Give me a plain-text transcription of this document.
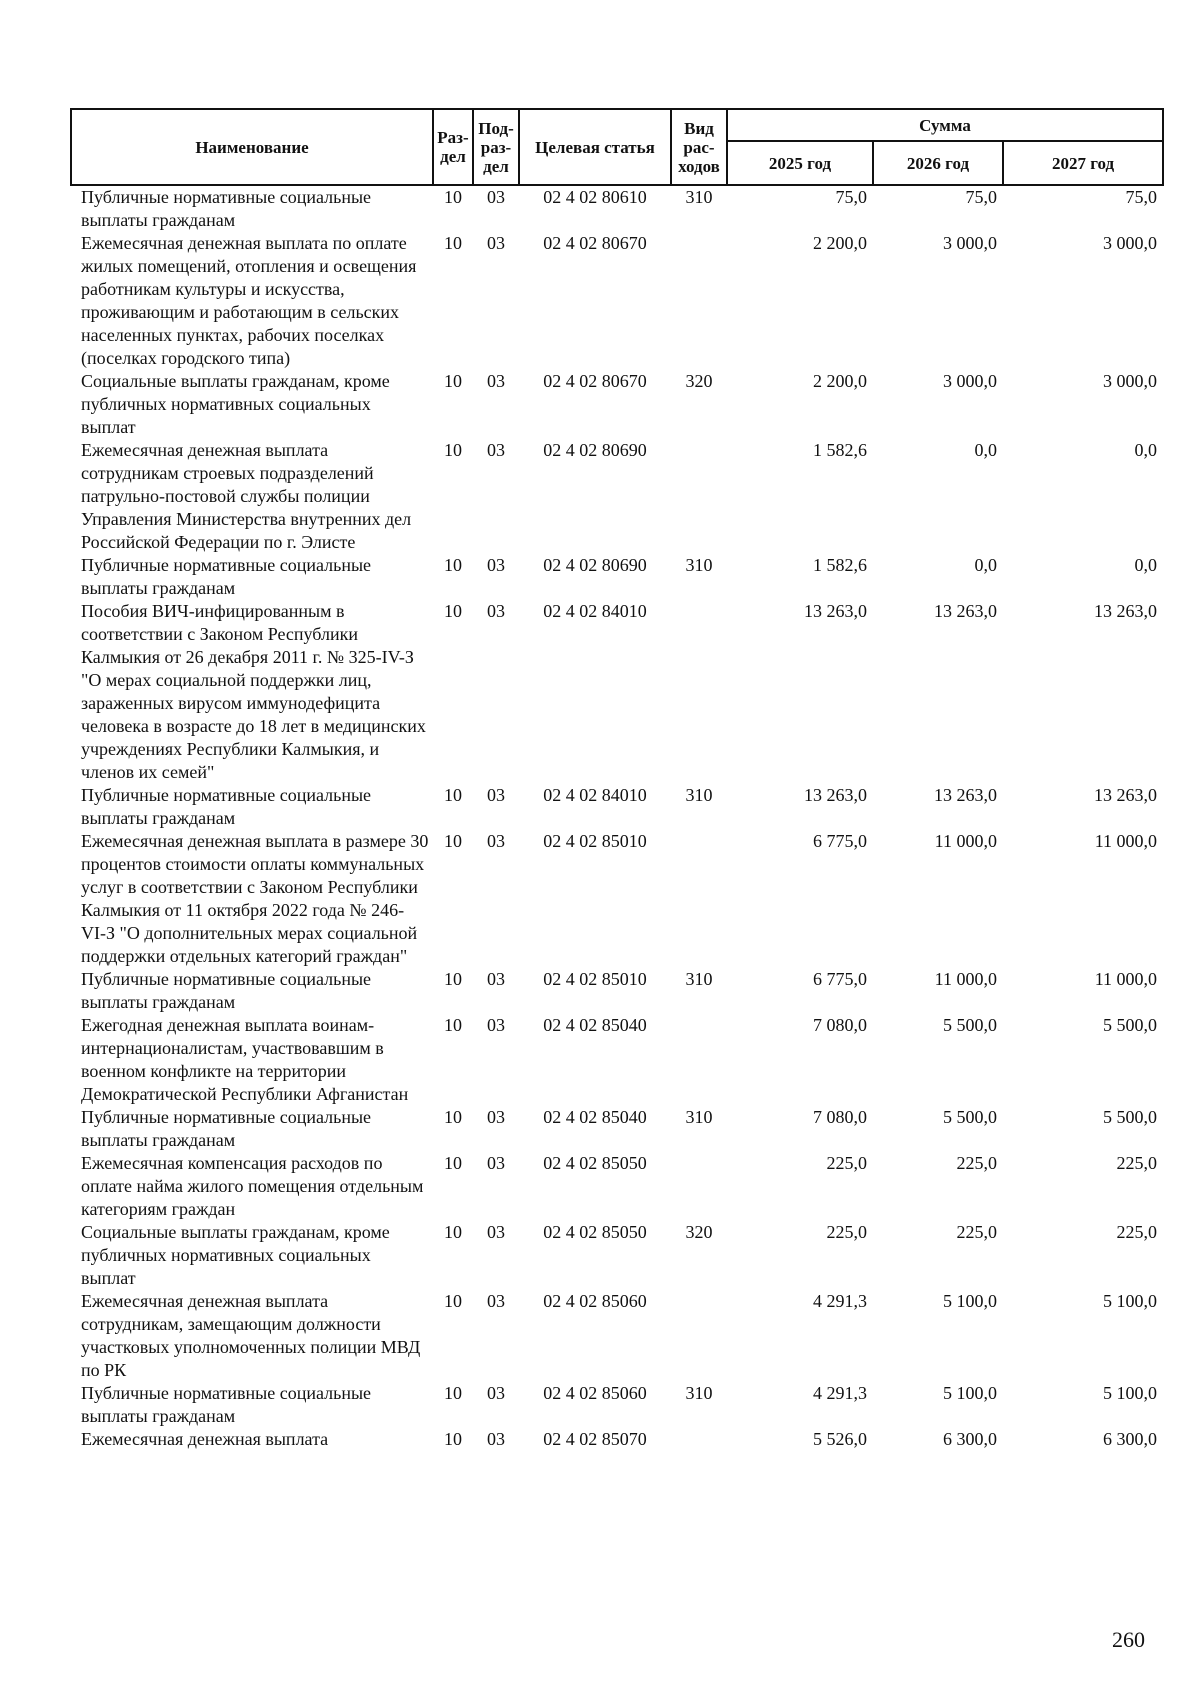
Наименование	Раз-дел	Под-раз-дел	Целевая статья	Вид рас-ходов	Сумма		
					2025 год	2026 год	2027 год
Публичные нормативные социальные выплаты гражданам	10	03	02 4 02 80610	310	75,0	75,0	75,0
Ежемесячная денежная выплата по оплате жилых помещений, отопления и освещения работникам культуры и искусства, проживающим и работающим в сельских населенных пунктах, рабочих поселках (поселках городского типа)	10	03	02 4 02 80670		2 200,0	3 000,0	3 000,0
Социальные выплаты гражданам, кроме публичных нормативных социальных выплат	10	03	02 4 02 80670	320	2 200,0	3 000,0	3 000,0
Ежемесячная денежная выплата сотрудникам строевых подразделений патрульно-постовой службы полиции Управления Министерства внутренних дел Российской Федерации по г. Элисте	10	03	02 4 02 80690		1 582,6	0,0	0,0
Публичные нормативные социальные выплаты гражданам	10	03	02 4 02 80690	310	1 582,6	0,0	0,0
Пособия ВИЧ-инфицированным в соответствии с Законом Республики Калмыкия от 26 декабря 2011 г. № 325-IV-З "О мерах социальной поддержки лиц, зараженных вирусом иммунодефицита человека в возрасте до 18 лет в медицинских учреждениях Республики Калмыкия, и членов их семей"	10	03	02 4 02 84010		13 263,0	13 263,0	13 263,0
Публичные нормативные социальные выплаты гражданам	10	03	02 4 02 84010	310	13 263,0	13 263,0	13 263,0
Ежемесячная денежная выплата в размере 30 процентов стоимости оплаты коммунальных услуг в соответствии с Законом Республики Калмыкия от 11 октября 2022 года № 246-VI-З "О дополнительных мерах социальной поддержки отдельных категорий граждан"	10	03	02 4 02 85010		6 775,0	11 000,0	11 000,0
Публичные нормативные социальные выплаты гражданам	10	03	02 4 02 85010	310	6 775,0	11 000,0	11 000,0
Ежегодная денежная выплата воинам-интернационалистам, участвовавшим в военном конфликте на территории Демократической Республики Афганистан	10	03	02 4 02 85040		7 080,0	5 500,0	5 500,0
Публичные нормативные социальные выплаты гражданам	10	03	02 4 02 85040	310	7 080,0	5 500,0	5 500,0
Ежемесячная компенсация расходов по оплате найма жилого помещения отдельным категориям граждан	10	03	02 4 02 85050		225,0	225,0	225,0
Социальные выплаты гражданам, кроме публичных нормативных социальных выплат	10	03	02 4 02 85050	320	225,0	225,0	225,0
Ежемесячная денежная выплата сотрудникам, замещающим должности участковых уполномоченных полиции МВД по РК	10	03	02 4 02 85060		4 291,3	5 100,0	5 100,0
Публичные нормативные социальные выплаты гражданам	10	03	02 4 02 85060	310	4 291,3	5 100,0	5 100,0
Ежемесячная денежная выплата	10	03	02 4 02 85070		5 526,0	6 300,0	6 300,0
260
